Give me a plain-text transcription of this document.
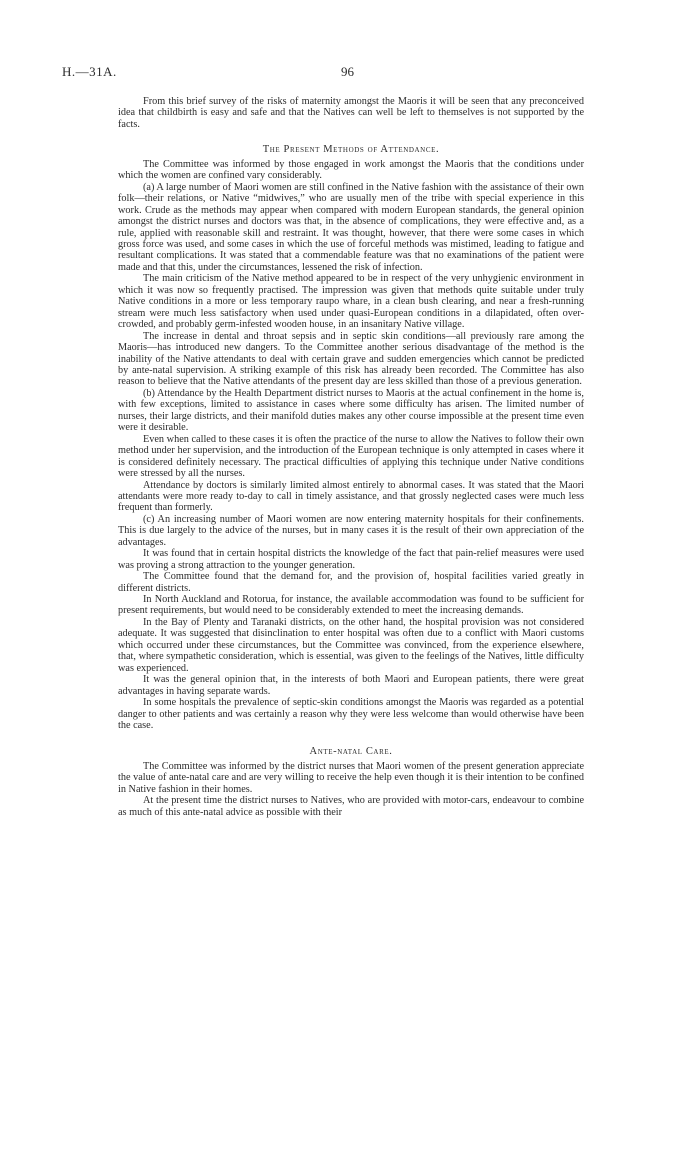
H.—31A.	96

From this brief survey of the risks of maternity amongst the Maoris it will be seen that any preconceived idea that childbirth is easy and safe and that the Natives can well be left to themselves is not supported by the facts.

The Present Methods of Attendance.

The Committee was informed by those engaged in work amongst the Maoris that the conditions under which the women are confined vary considerably.

(a) A large number of Maori women are still confined in the Native fashion with the assistance of their own folk—their relations, or Native “midwives,” who are usually men of the tribe with special experience in this work. Crude as the methods may appear when compared with modern European standards, the general opinion amongst the district nurses and doctors was that, in the absence of complications, they were effective and, as a rule, applied with reasonable skill and restraint. It was thought, however, that there were some cases in which gross force was used, and some cases in which the use of forceful methods was mistimed, leading to fatigue and resultant complications. It was stated that a commendable feature was that no examinations of the patient were made and that this, under the circumstances, lessened the risk of infection.

The main criticism of the Native method appeared to be in respect of the very unhygienic environment in which it was now so frequently practised. The impression was given that methods quite suitable under truly Native conditions in a more or less temporary raupo whare, in a clean bush clearing, and near a fresh-running stream were much less satisfactory when used under quasi-European conditions in a dilapidated, often over-crowded, and probably germ-infested wooden house, in an insanitary Native village.

The increase in dental and throat sepsis and in septic skin conditions—all previously rare among the Maoris—has introduced new dangers. To the Committee another serious disadvantage of the method is the inability of the Native attendants to deal with certain grave and sudden emergencies which cannot be predicted by ante-natal supervision. A striking example of this risk has already been recorded. The Committee has also reason to believe that the Native attendants of the present day are less skilled than those of a previous generation.

(b) Attendance by the Health Department district nurses to Maoris at the actual confinement in the home is, with few exceptions, limited to assistance in cases where some difficulty has arisen. The limited number of nurses, their large districts, and their manifold duties makes any other course impossible at the present time even were it desirable.

Even when called to these cases it is often the practice of the nurse to allow the Natives to follow their own method under her supervision, and the introduction of the European technique is only attempted in cases where it is considered definitely necessary. The practical difficulties of applying this technique under Native conditions were stressed by all the nurses.

Attendance by doctors is similarly limited almost entirely to abnormal cases. It was stated that the Maori attendants were more ready to-day to call in timely assistance, and that grossly neglected cases were much less frequent than formerly.

(c) An increasing number of Maori women are now entering maternity hospitals for their confinements. This is due largely to the advice of the nurses, but in many cases it is the result of their own appreciation of the advantages.

It was found that in certain hospital districts the knowledge of the fact that pain-relief measures were used was proving a strong attraction to the younger generation.

The Committee found that the demand for, and the provision of, hospital facilities varied greatly in different districts.

In North Auckland and Rotorua, for instance, the available accommodation was found to be sufficient for present requirements, but would need to be considerably extended to meet the increasing demands.

In the Bay of Plenty and Taranaki districts, on the other hand, the hospital provision was not considered adequate. It was suggested that disinclination to enter hospital was often due to a conflict with Maori customs which occurred under these circumstances, but the Committee was convinced, from the experience elsewhere, that, where sympathetic consideration, which is essential, was given to the feelings of the Natives, little difficulty was experienced.

It was the general opinion that, in the interests of both Maori and European patients, there were great advantages in having separate wards.

In some hospitals the prevalence of septic-skin conditions amongst the Maoris was regarded as a potential danger to other patients and was certainly a reason why they were less welcome than would otherwise have been the case.

Ante-natal Care.

The Committee was informed by the district nurses that Maori women of the present generation appreciate the value of ante-natal care and are very willing to receive the help even though it is their intention to be confined in Native fashion in their homes.

At the present time the district nurses to Natives, who are provided with motor-cars, endeavour to combine as much of this ante-natal advice as possible with their
